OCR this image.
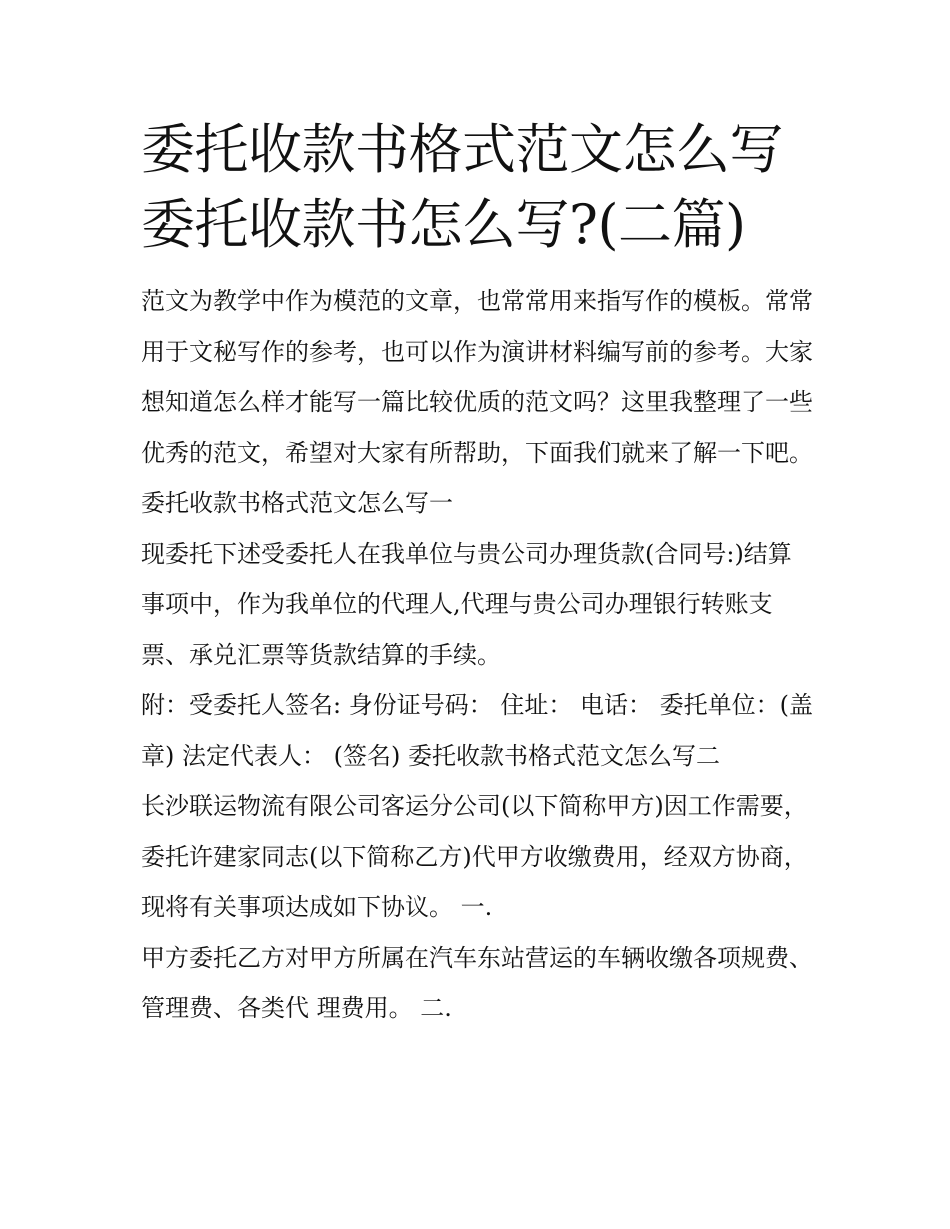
委托收款书格式范文怎么写 委托收款书怎么写?(二篇)

范文为教学中作为模范的文章，也常常用来指写作的模板。常常用于文秘写作的参考，也可以作为演讲材料编写前的参考。大家想知道怎么样才能写一篇比较优质的范文吗？这里我整理了一些优秀的范文，希望对大家有所帮助，下面我们就来了解一下吧。

委托收款书格式范文怎么写一

现委托下述受委托人在我单位与贵公司办理货款(合同号:)结算事项中，作为我单位的代理人,代理与贵公司办理银行转账支票、承兑汇票等货款结算的手续。

附：受委托人签名: 身份证号码： 住址： 电话： 委托单位：(盖章) 法定代表人： (签名) 委托收款书格式范文怎么写二

长沙联运物流有限公司客运分公司(以下简称甲方)因工作需要，委托许建家同志(以下简称乙方)代甲方收缴费用，经双方协商，现将有关事项达成如下协议。 一.

甲方委托乙方对甲方所属在汽车东站营运的车辆收缴各项规费、管理费、各类代 理费用。 二.
